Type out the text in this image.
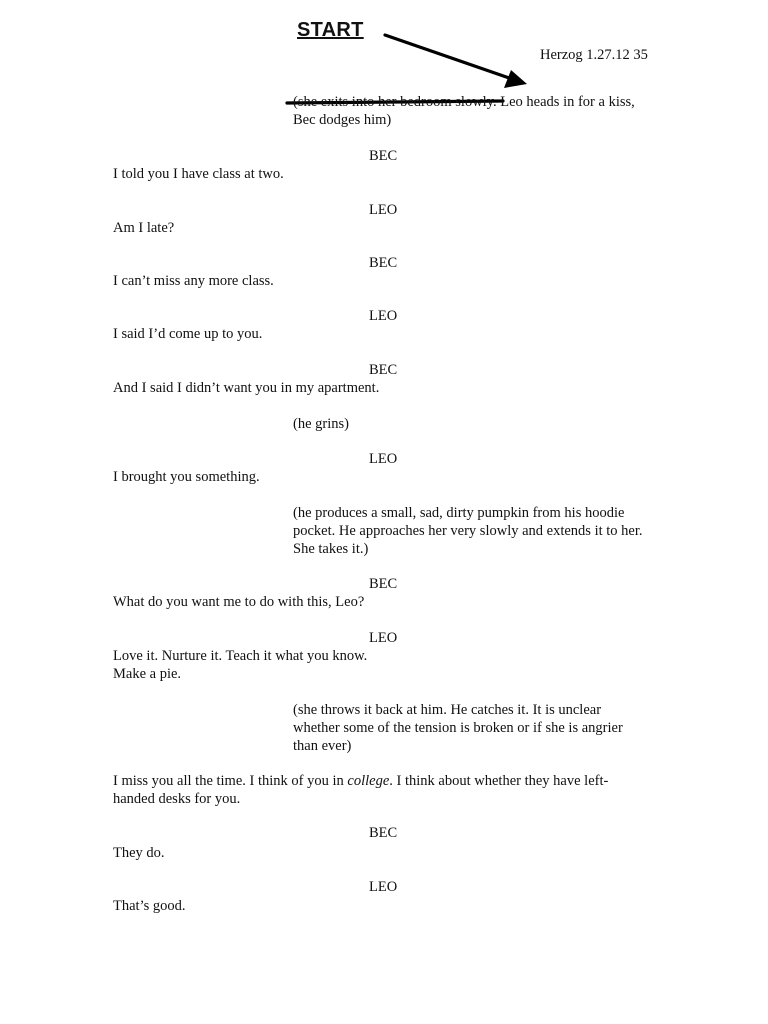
START
Herzog 1.27.12 35
(she exits into her bedroom slowly. Leo heads in for a kiss,
Bec dodges him)
BEC
I told you I have class at two.
LEO
Am I late?
BEC
I can’t miss any more class.
LEO
I said I’d come up to you.
BEC
And I said I didn’t want you in my apartment.
(he grins)
LEO
I brought you something.
(he produces a small, sad, dirty pumpkin from his hoodie pocket. He approaches her very slowly and extends it to her. She takes it.)
BEC
What do you want me to do with this, Leo?
LEO
Love it. Nurture it. Teach it what you know.
Make a pie.
(she throws it back at him. He catches it. It is unclear whether some of the tension is broken or if she is angrier than ever)
I miss you all the time. I think of you in college. I think about whether they have left-handed desks for you.
BEC
They do.
LEO
That’s good.
